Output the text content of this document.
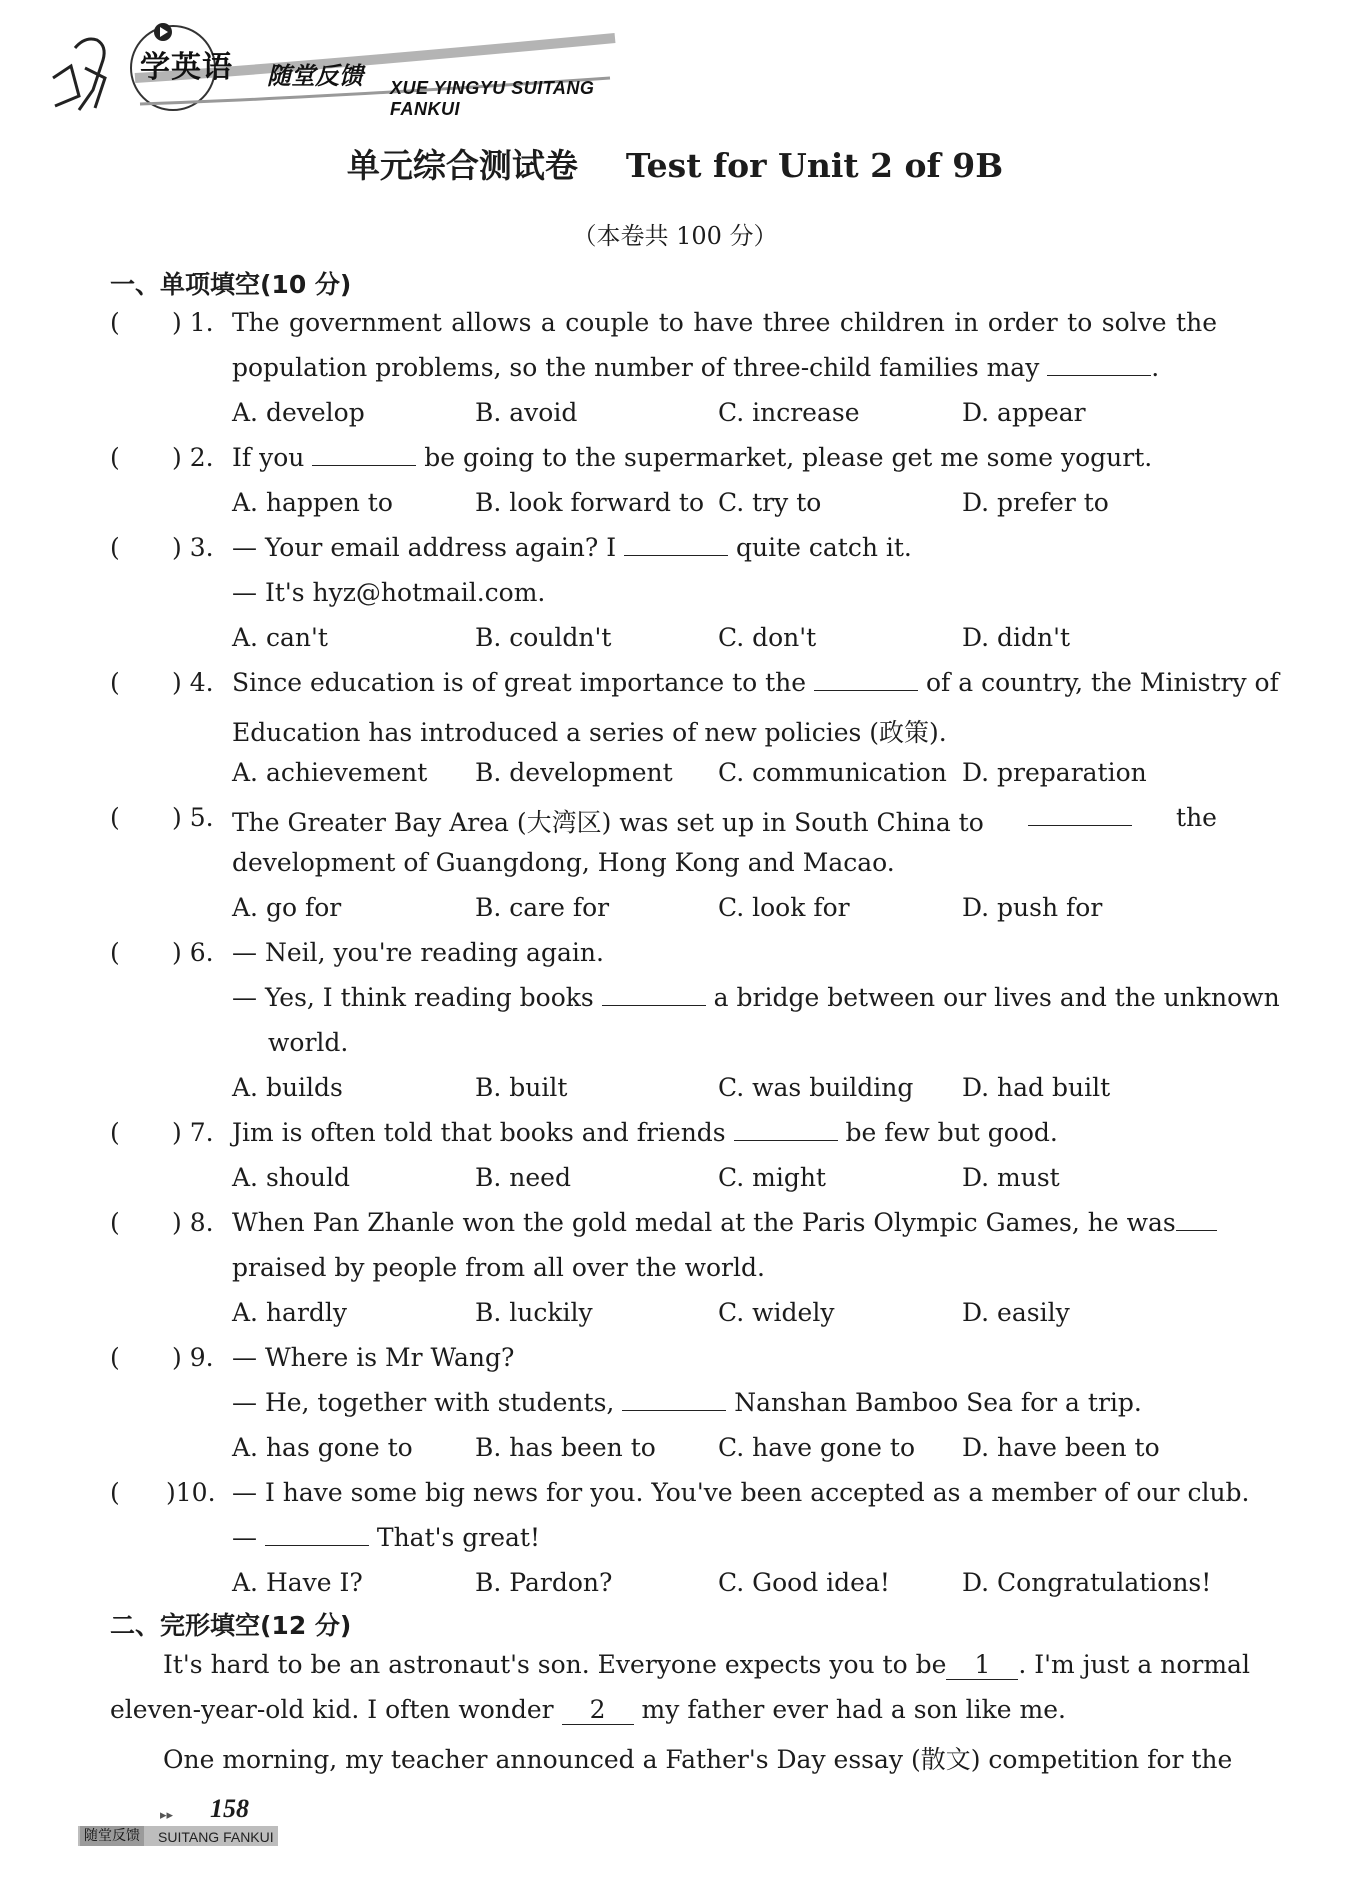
学英语 随堂反馈 XUE YINGYU SUITANG FANKUI
单元综合测试卷 Test for Unit 2 of 9B
（本卷共 100 分）
一、单项填空(10 分)
( ) 1. The government allows a couple to have three children in order to solve the
population problems, so the number of three-child families may	.
A. develop	B. avoid	C. increase	D. appear
( ) 2. If you	be going to the supermarket, please get me some yogurt.
A. happen to	B. look forward to C. try to	D. prefer to
( ) 3. — Your email address again? I	quite catch it.
— It's hyz@hotmail.com.
A. can't	B. couldn't	C. don't	D. didn't
( ) 4. Since education is of great importance to the	of a country, the Ministry of
Education has introduced a series of new policies (政策).
A. achievement B. development C. communication D. preparation
( ) 5. The Greater Bay Area (大湾区) was set up in South China to	the
development of Guangdong, Hong Kong and Macao.
A. go for	B. care for	C. look for	D. push for
( ) 6. — Neil, you're reading again.
— Yes, I think reading books	a bridge between our lives and the unknown
world.
A. builds	B. built	C. was building D. had built
( ) 7. Jim is often told that books and friends	be few but good.
A. should	B. need	C. might	D. must
( ) 8. When Pan Zhanle won the gold medal at the Paris Olympic Games, he was
praised by people from all over the world.
A. hardly	B. luckily	C. widely	D. easily
( ) 9. — Where is Mr Wang?
— He, together with students,	Nanshan Bamboo Sea for a trip.
A. has gone to B. has been to C. have gone to D. have been to
( )10. — I have some big news for you. You've been accepted as a member of our club.
—	That's great!
A. Have I?	B. Pardon?	C. Good idea!	D. Congratulations!
二、完形填空(12 分)
It's hard to be an astronaut's son. Everyone expects you to be	1 . I'm just a normal
eleven-year-old kid. I often wonder 2 my father ever had a son like me.
One morning, my teacher announced a Father's Day essay (散文) competition for the
▸▸ 158
随堂反馈 SUITANG FANKUI
